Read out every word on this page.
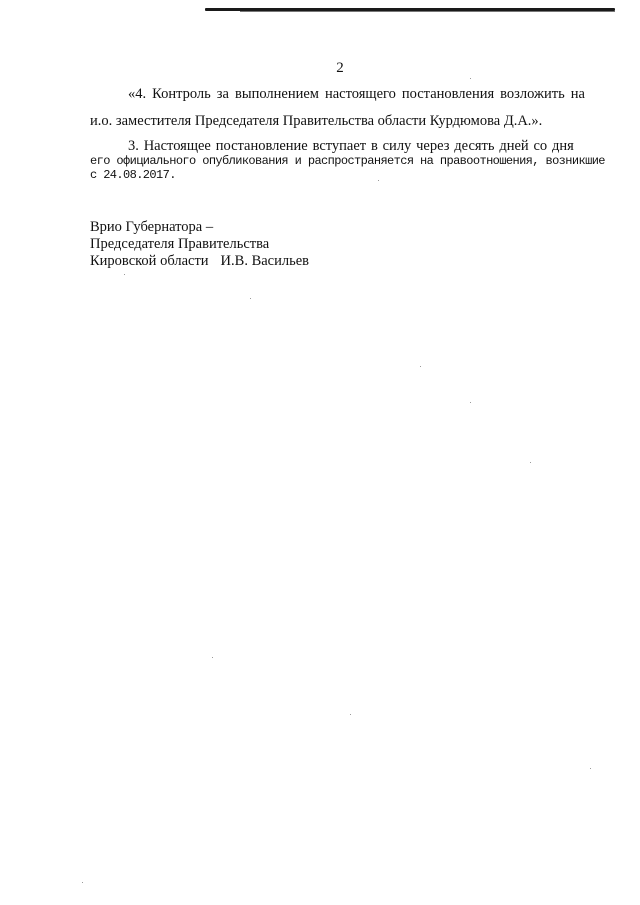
2
«4. Контроль за выполнением настоящего постановления возложить на
и.о. заместителя Председателя Правительства области Курдюмова Д.А.».
3. Настоящее постановление вступает в силу через десять дней со дня
его официального опубликования и распространяется на правоотношения, возникшие
с 24.08.2017.
Врио Губернатора –
Председателя Правительства
Кировской области И.В. Васильев
